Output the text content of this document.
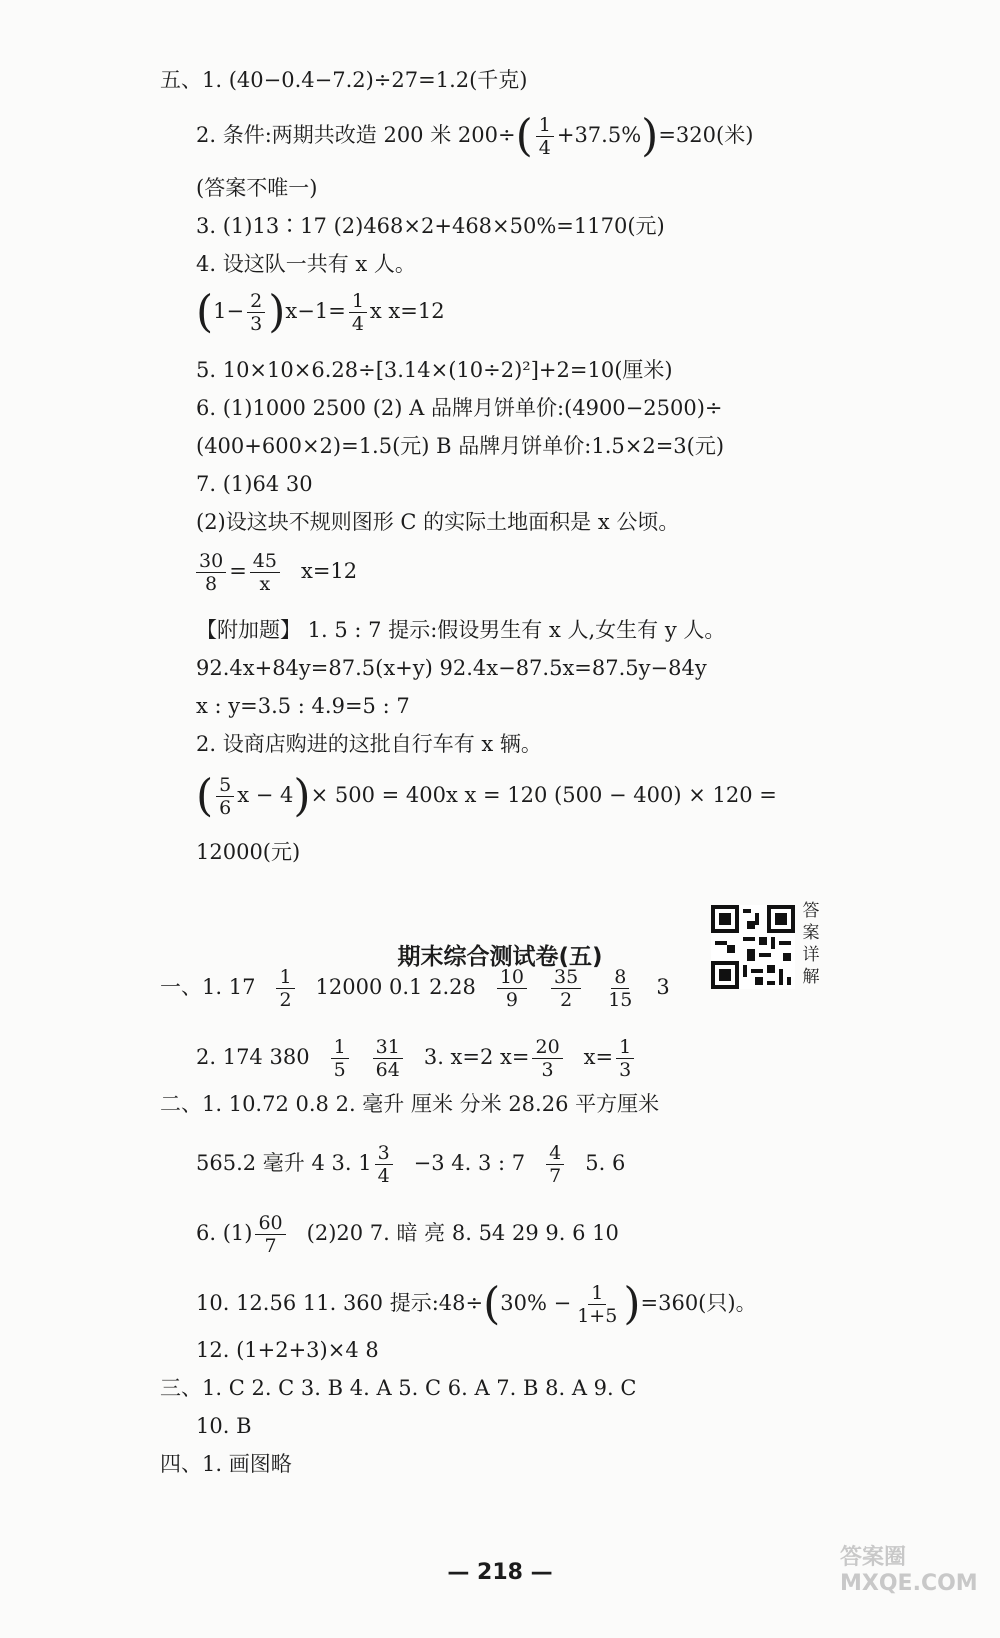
五、1. (40−0.4−7.2)÷27=1.2(千克)
2. 条件:两期共改造 200 米 $200\div( \frac{1}{4} +37.5\%)=320$(米)
(答案不唯一)
3. (1)13∶17 (2)468×2+468×50%=1170(元)
4. 设这队一共有 x 人。
$(1- \frac{2}{3} )x-1= \frac{1}{4}$ x x=12
5. 10×10×6.28÷[3.14×(10÷2)²]+2=10(厘米)
6. (1)1000 2500 (2) A 品牌月饼单价:(4900−2500)÷
(400+600×2)=1.5(元) B 品牌月饼单价:1.5×2=3(元)
7. (1)64 30
(2)设这块不规则图形 C 的实际土地面积是 x 公顷。
$\frac{30}{8} = \frac{45}{x} x=12$
【附加题】 1. 5 : 7 提示:假设男生有 x 人,女生有 y 人。
92.4x+84y=87.5(x+y) 92.4x−87.5x=87.5y−84y
x : y=3.5 : 4.9=5 : 7
2. 设商店购进的这批自行车有 x 辆。
( $\frac{5}{6}$ x − 4)× 500 = 400x x = 120 (500 − 400) × 120 =
12000(元)
答案详解
期末综合测试卷(五)
一、1. $17 \frac{1}{2} 12000$ 0.1 $2.28 \frac{10}{9} \frac{35}{2} \frac{8}{15} 3$
2. 174 $380 \frac{1}{5} \frac{31}{64} 3$. x=2 $x= \frac{20}{3} x= \frac{1}{3}$
二、1. 10.72 0.8 2. 毫升 厘米 分米 28.26 平方厘米
565.2 毫升 4 3. $1 \frac{3}{4} -3$ 4. 3 : $7 \frac{4}{7} 5$. 6
6. $(1) \frac{60}{7} (2)20$ 7. 暗 亮 8. 54 29 9. 6 10
10. 12.56 11. 360 提示:48÷(30% − $\frac{1}{1+5} )=360$(只)。
12. (1+2+3)×4 8
三、1. C 2. C 3. B 4. A 5. C 6. A 7. B 8. A 9. C
10. B
四、1. 画图略
— 218 —
答案圈 MXQE.COM
